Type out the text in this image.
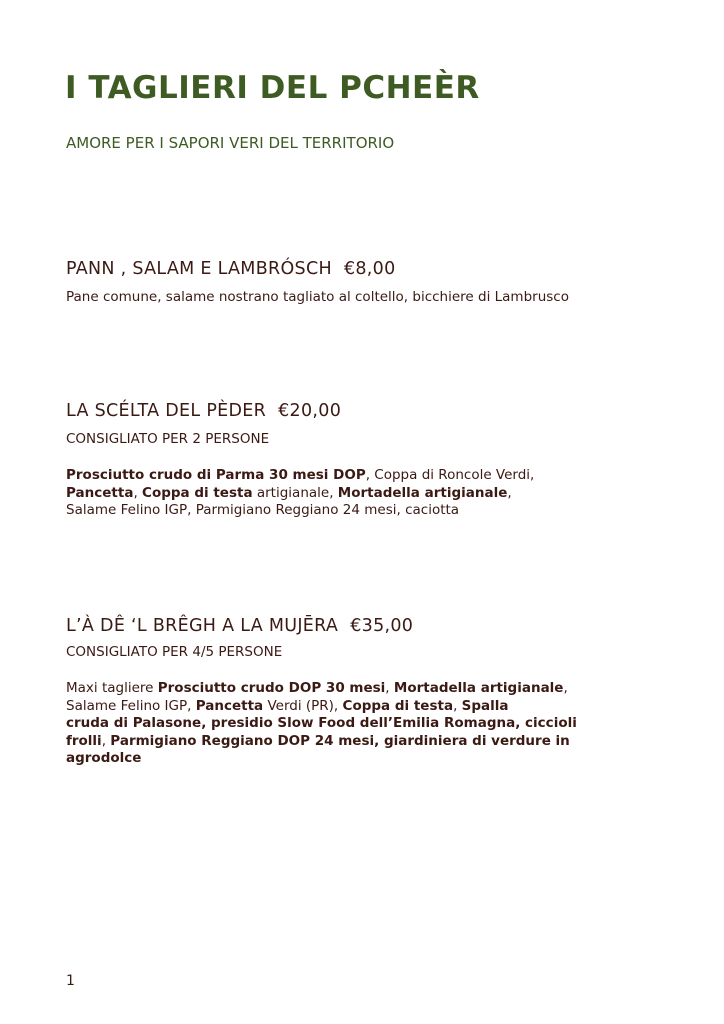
I TAGLIERI DEL PCHEÈR
AMORE PER I SAPORI VERI DEL TERRITORIO
PANN , SALAM E LAMBRÓSCH €8,00
Pane comune, salame nostrano tagliato al coltello, bicchiere di Lambrusco
LA SCÉLTA DEL PÈDER €20,00
CONSIGLIATO PER 2 PERSONE
Prosciutto crudo di Parma 30 mesi DOP, Coppa di Roncole Verdi,
Pancetta, Coppa di testa artigianale, Mortadella artigianale,
Salame Felino IGP, Parmigiano Reggiano 24 mesi, caciotta
L’À DÊ ‘L BRÊGH A LA MUJĒRA €35,00
CONSIGLIATO PER 4/5 PERSONE
Maxi tagliere Prosciutto crudo DOP 30 mesi, Mortadella artigianale,
Salame Felino IGP, Pancetta Verdi (PR), Coppa di testa, Spalla
cruda di Palasone, presidio Slow Food dell’Emilia Romagna, ciccioli
frolli, Parmigiano Reggiano DOP 24 mesi, giardiniera di verdure in
agrodolce
1
